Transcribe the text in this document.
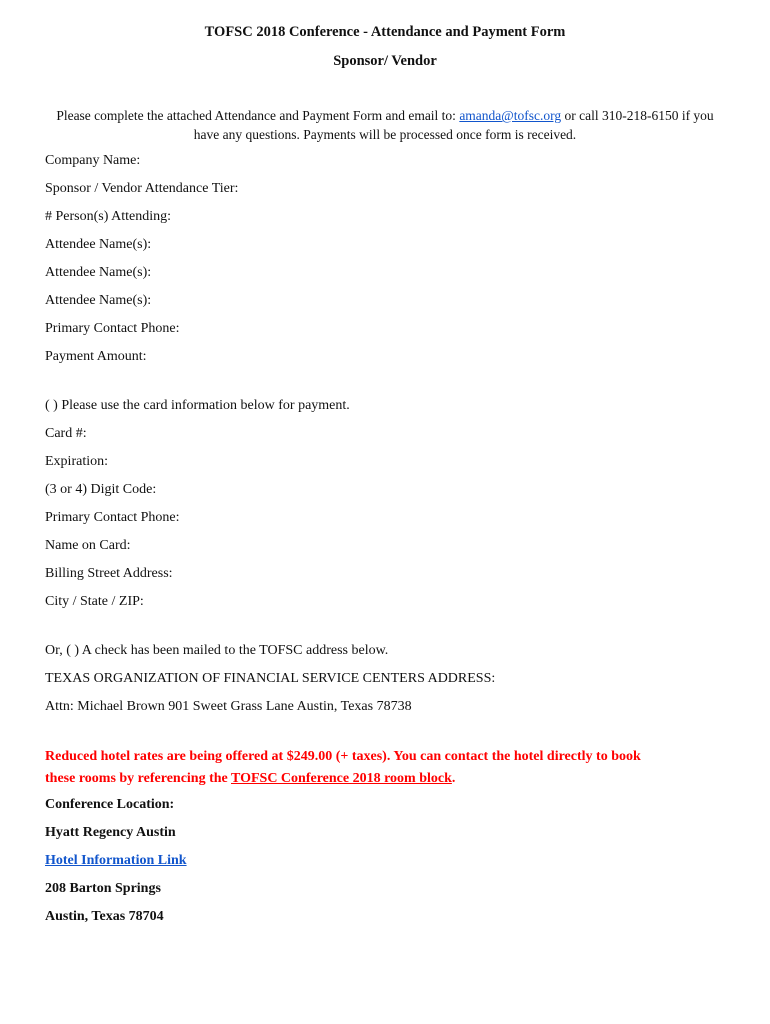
TOFSC 2018 Conference - Attendance and Payment Form
Sponsor/ Vendor
Please complete the attached Attendance and Payment Form and email to: amanda@tofsc.org or call 310-218-6150 if you
have any questions. Payments will be processed once form is received.
Company Name:
Sponsor / Vendor Attendance Tier:
# Person(s) Attending:
Attendee Name(s):
Attendee Name(s):
Attendee Name(s):
Primary Contact Phone:
Payment Amount:
( ) Please use the card information below for payment.
Card #:
Expiration:
(3 or 4) Digit Code:
Primary Contact Phone:
Name on Card:
Billing Street Address:
City / State / ZIP:
Or, ( ) A check has been mailed to the TOFSC address below.
TEXAS ORGANIZATION OF FINANCIAL SERVICE CENTERS ADDRESS:
Attn: Michael Brown 901 Sweet Grass Lane Austin, Texas 78738
Reduced hotel rates are being offered at $249.00 (+ taxes). You can contact the hotel directly to book
these rooms by referencing the TOFSC Conference 2018 room block.
Conference Location:
Hyatt Regency Austin
Hotel Information Link
208 Barton Springs
Austin, Texas 78704
